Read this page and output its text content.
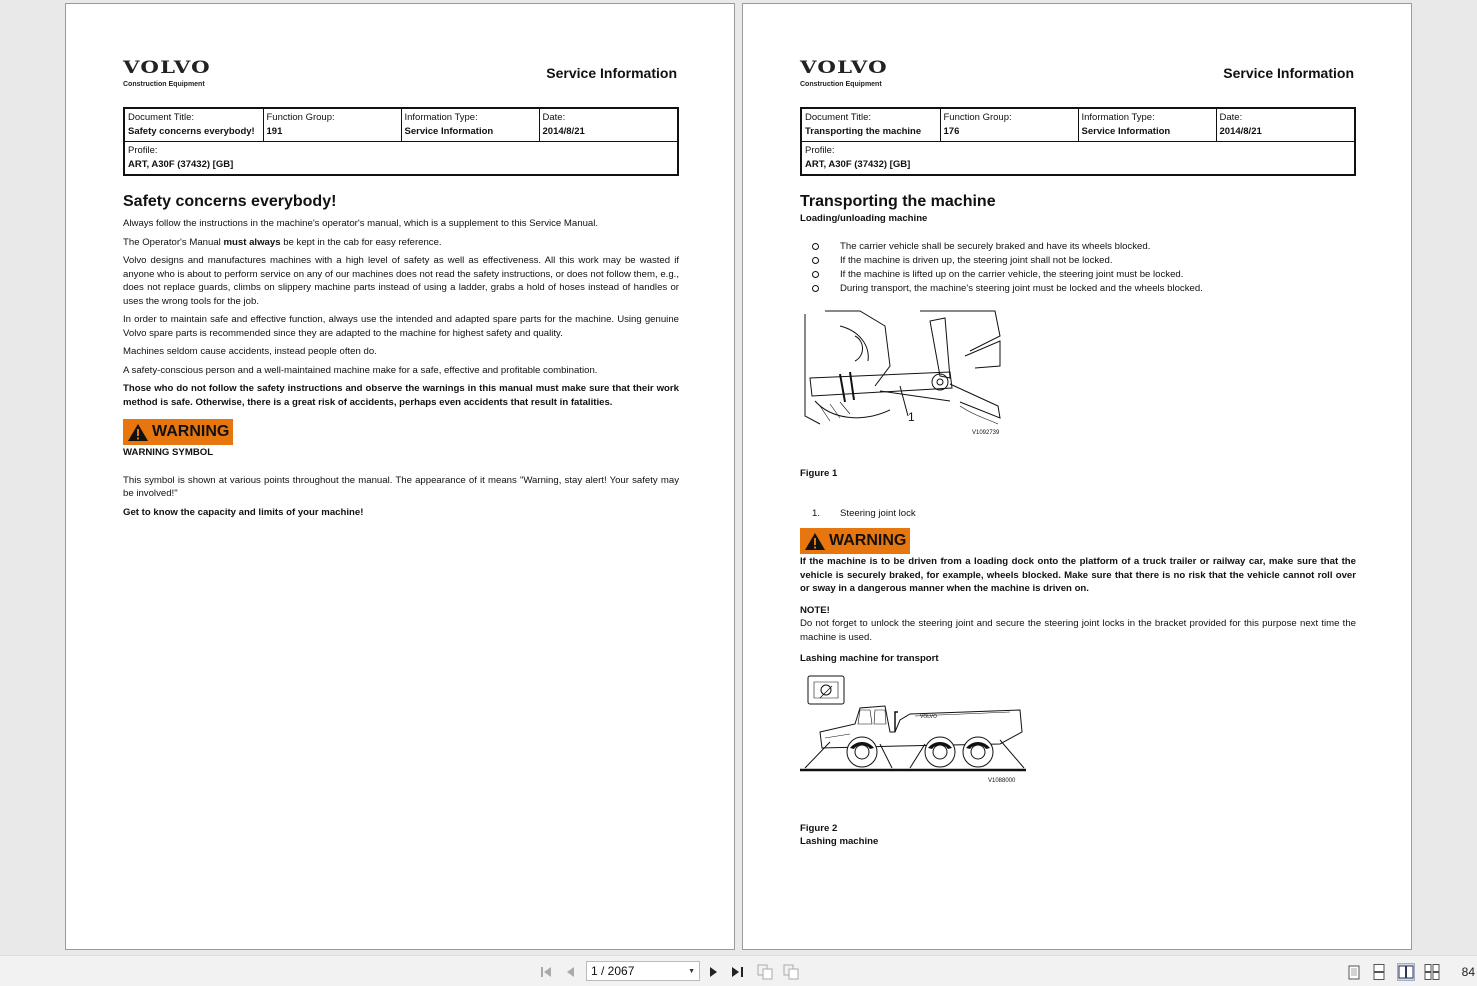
VOLVO
Construction Equipment
Service Information
Document Title:
Safety concerns everybody!

Function Group:
191

Information Type:
Service Information

Date:
2014/8/21

Profile:
ART, A30F (37432) [GB]
Safety concerns everybody!
Always follow the instructions in the machine's operator's manual, which is a supplement to this Service Manual.
The Operator's Manual must always be kept in the cab for easy reference.
Volvo designs and manufactures machines with a high level of safety as well as effectiveness. All this work may be wasted if anyone who is about to perform service on any of our machines does not read the safety instructions, or does not follow them, e.g., does not replace guards, climbs on slippery machine parts instead of using a ladder, grabs a hold of hoses instead of handles or uses the wrong tools for the job.
In order to maintain safe and effective function, always use the intended and adapted spare parts for the machine. Using genuine Volvo spare parts is recommended since they are adapted to the machine for highest safety and quality.
Machines seldom cause accidents, instead people often do.
A safety-conscious person and a well-maintained machine make for a safe, effective and profitable combination.
Those who do not follow the safety instructions and observe the warnings in this manual must make sure that their work method is safe. Otherwise, there is a great risk of accidents, perhaps even accidents that result in fatalities.
WARNING
WARNING SYMBOL
This symbol is shown at various points throughout the manual. The appearance of it means "Warning, stay alert! Your safety may be involved!"
Get to know the capacity and limits of your machine!
VOLVO
Construction Equipment
Service Information
Document Title:
Transporting the machine

Function Group:
176

Information Type:
Service Information

Date:
2014/8/21

Profile:
ART, A30F (37432) [GB]
Transporting the machine
Loading/unloading machine
The carrier vehicle shall be securely braked and have its wheels blocked.
If the machine is driven up, the steering joint shall not be locked.
If the machine is lifted up on the carrier vehicle, the steering joint must be locked.
During transport, the machine's steering joint must be locked and the wheels blocked.
1
V1092739
Figure 1
1.	Steering joint lock
WARNING
If the machine is to be driven from a loading dock onto the platform of a truck trailer or railway car, make sure that the vehicle is securely braked, for example, wheels blocked. Make sure that there is no risk that the vehicle cannot roll over or sway in a dangerous manner when the machine is driven on.
NOTE!
Do not forget to unlock the steering joint and secure the steering joint locks in the bracket provided for this purpose next time the machine is used.
Lashing machine for transport
VOLVO
V1088000
Figure 2
Lashing machine
1 / 2067	▼	84
